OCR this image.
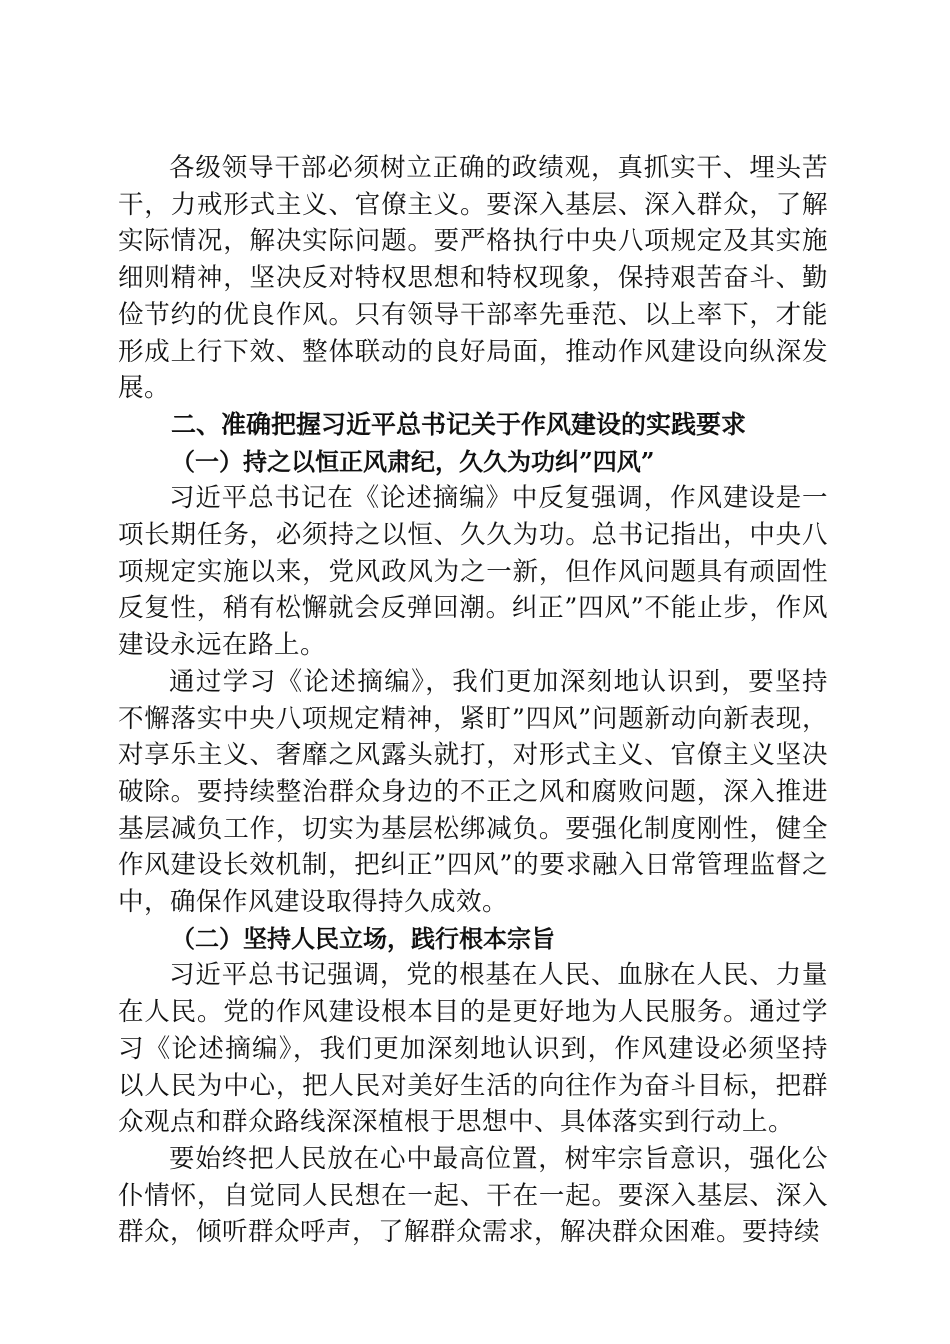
各级领导干部必须树立正确的政绩观，真抓实干、埋头苦干，力戒形式主义、官僚主义。要深入基层、深入群众，了解实际情况，解决实际问题。要严格执行中央八项规定及其实施细则精神，坚决反对特权思想和特权现象，保持艰苦奋斗、勤俭节约的优良作风。只有领导干部率先垂范、以上率下，才能形成上行下效、整体联动的良好局面，推动作风建设向纵深发展。

二、准确把握习近平总书记关于作风建设的实践要求

（一）持之以恒正风肃纪，久久为功纠”四风”

习近平总书记在《论述摘编》中反复强调，作风建设是一项长期任务，必须持之以恒、久久为功。总书记指出，中央八项规定实施以来，党风政风为之一新，但作风问题具有顽固性反复性，稍有松懈就会反弹回潮。纠正”四风”不能止步，作风建设永远在路上。

通过学习《论述摘编》，我们更加深刻地认识到，要坚持不懈落实中央八项规定精神，紧盯”四风”问题新动向新表现，对享乐主义、奢靡之风露头就打，对形式主义、官僚主义坚决破除。要持续整治群众身边的不正之风和腐败问题，深入推进基层减负工作，切实为基层松绑减负。要强化制度刚性，健全作风建设长效机制，把纠正”四风”的要求融入日常管理监督之中，确保作风建设取得持久成效。

（二）坚持人民立场，践行根本宗旨

习近平总书记强调，党的根基在人民、血脉在人民、力量在人民。党的作风建设根本目的是更好地为人民服务。通过学习《论述摘编》，我们更加深刻地认识到，作风建设必须坚持以人民为中心，把人民对美好生活的向往作为奋斗目标，把群众观点和群众路线深深植根于思想中、具体落实到行动上。

要始终把人民放在心中最高位置，树牢宗旨意识，强化公仆情怀，自觉同人民想在一起、干在一起。要深入基层、深入群众，倾听群众呼声，了解群众需求，解决群众困难。要持续
